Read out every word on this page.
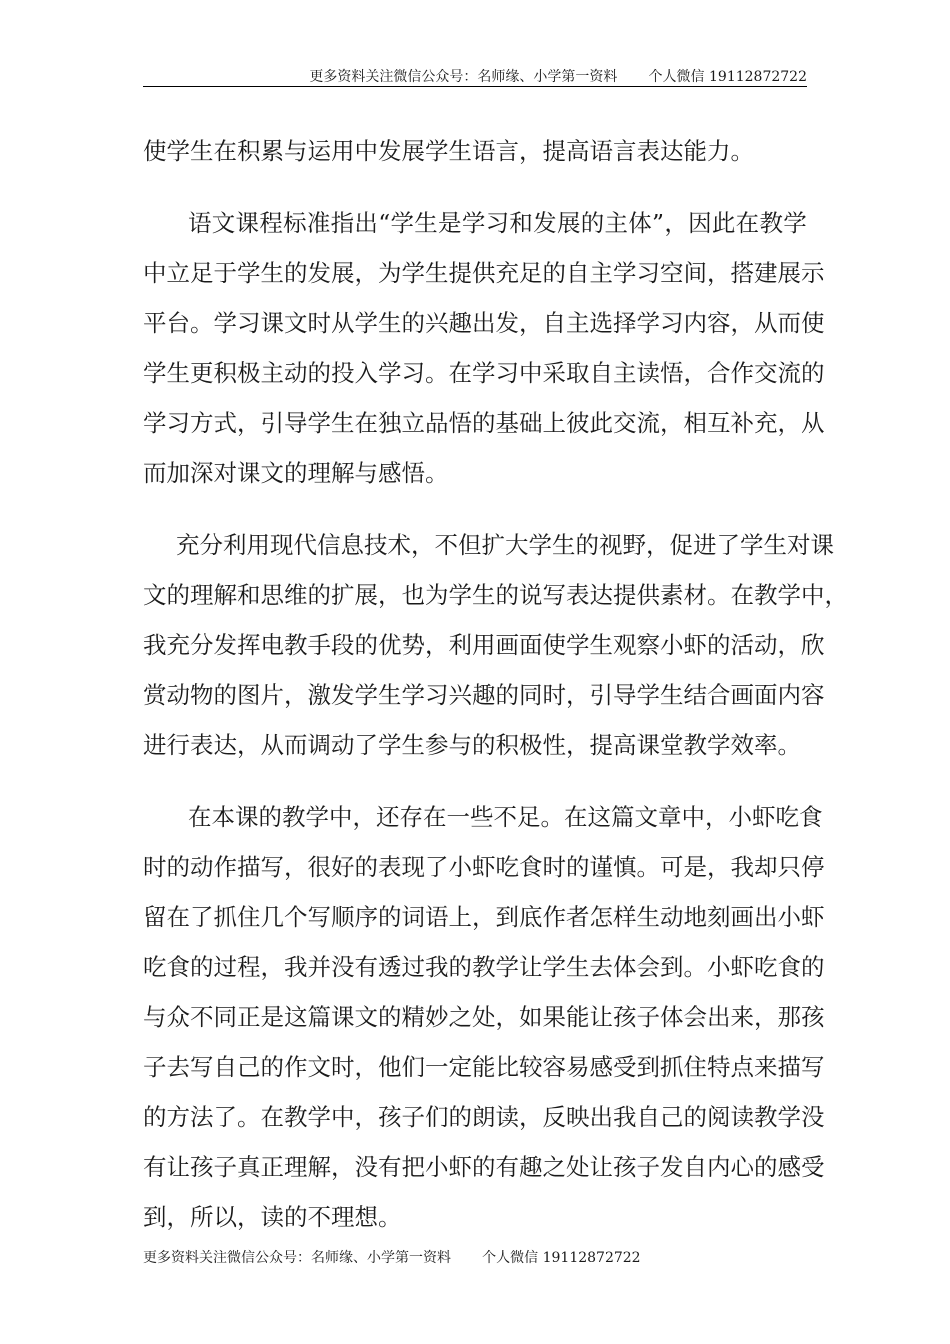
更多资料关注微信公众号：名师缘、小学第一资料       个人微信 19112872722
使学生在积累与运用中发展学生语言，提高语言表达能力。
语文课程标准指出“学生是学习和发展的主体”，因此在教学
中立足于学生的发展，为学生提供充足的自主学习空间，搭建展示
平台。学习课文时从学生的兴趣出发，自主选择学习内容，从而使
学生更积极主动的投入学习。在学习中采取自主读悟，合作交流的
学习方式，引导学生在独立品悟的基础上彼此交流，相互补充，从
而加深对课文的理解与感悟。
充分利用现代信息技术，不但扩大学生的视野，促进了学生对课
文的理解和思维的扩展，也为学生的说写表达提供素材。在教学中，
我充分发挥电教手段的优势，利用画面使学生观察小虾的活动，欣
赏动物的图片，激发学生学习兴趣的同时，引导学生结合画面内容
进行表达，从而调动了学生参与的积极性，提高课堂教学效率。
在本课的教学中，还存在一些不足。在这篇文章中，小虾吃食
时的动作描写，很好的表现了小虾吃食时的谨慎。可是，我却只停
留在了抓住几个写顺序的词语上，到底作者怎样生动地刻画出小虾
吃食的过程，我并没有透过我的教学让学生去体会到。小虾吃食的
与众不同正是这篇课文的精妙之处，如果能让孩子体会出来，那孩
子去写自己的作文时，他们一定能比较容易感受到抓住特点来描写
的方法了。在教学中，孩子们的朗读，反映出我自己的阅读教学没
有让孩子真正理解，没有把小虾的有趣之处让孩子发自内心的感受
到，所以，读的不理想。
更多资料关注微信公众号：名师缘、小学第一资料       个人微信 19112872722
